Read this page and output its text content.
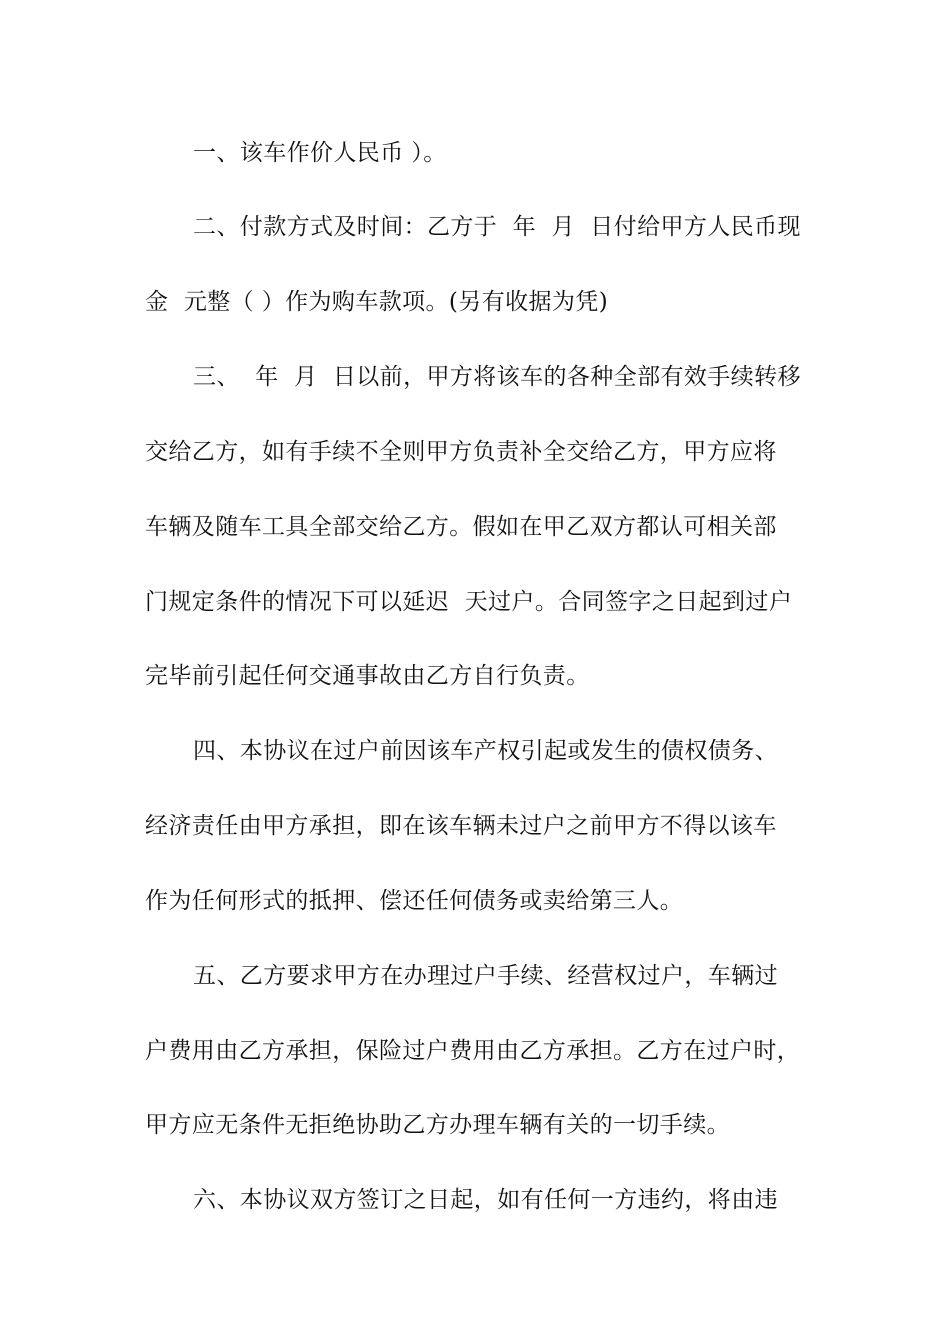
一、该车作价人民币 ）。
二、付款方式及时间：乙方于  年  月  日付给甲方人民币现
金  元整（ ）作为购车款项。(另有收据为凭)
三、  年  月  日以前，甲方将该车的各种全部有效手续转移
交给乙方，如有手续不全则甲方负责补全交给乙方，甲方应将
车辆及随车工具全部交给乙方。假如在甲乙双方都认可相关部
门规定条件的情况下可以延迟  天过户。合同签字之日起到过户
完毕前引起任何交通事故由乙方自行负责。
四、本协议在过户前因该车产权引起或发生的债权债务、
经济责任由甲方承担，即在该车辆未过户之前甲方不得以该车
作为任何形式的抵押、偿还任何债务或卖给第三人。
五、乙方要求甲方在办理过户手续、经营权过户，车辆过
户费用由乙方承担，保险过户费用由乙方承担。乙方在过户时，
甲方应无条件无拒绝协助乙方办理车辆有关的一切手续。
六、本协议双方签订之日起，如有任何一方违约，将由违
